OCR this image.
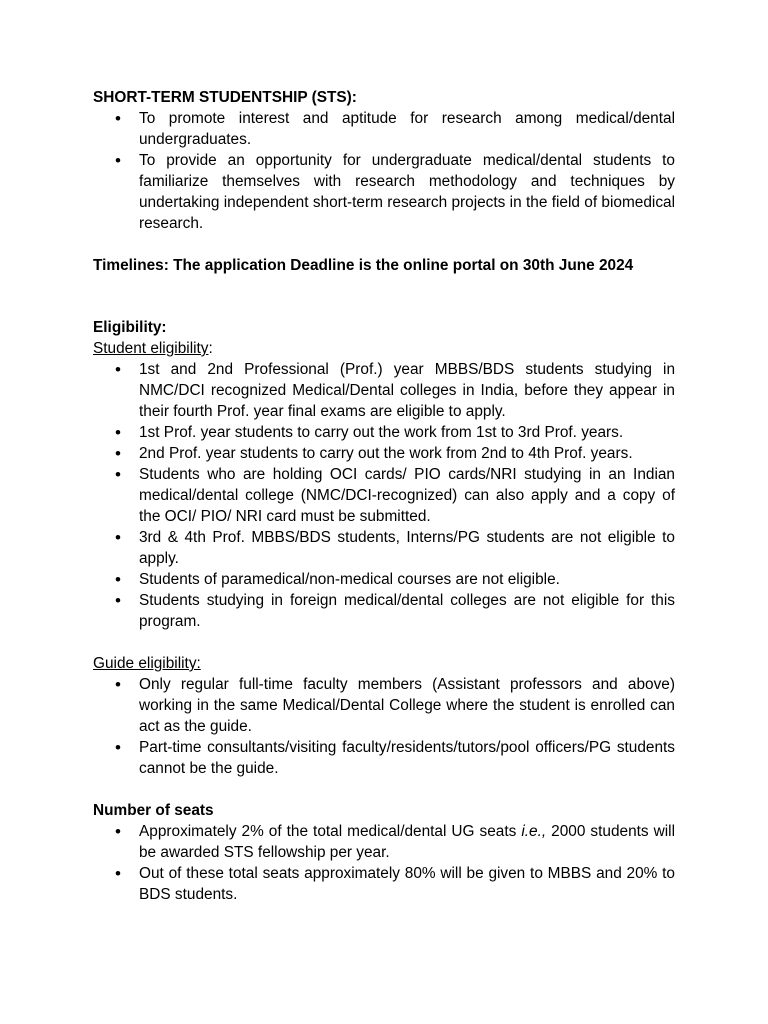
SHORT-TERM STUDENTSHIP (STS):

• To promote interest and aptitude for research among medical/dental undergraduates.
• To provide an opportunity for undergraduate medical/dental students to familiarize themselves with research methodology and techniques by undertaking independent short-term research projects in the field of biomedical research.

Timelines: The application Deadline is the online portal on 30th June 2024

Eligibility:

Student eligibility:

• 1st and 2nd Professional (Prof.) year MBBS/BDS students studying in NMC/DCI recognized Medical/Dental colleges in India, before they appear in their fourth Prof. year final exams are eligible to apply.
• 1st Prof. year students to carry out the work from 1st to 3rd Prof. years.
• 2nd Prof. year students to carry out the work from 2nd to 4th Prof. years.
• Students who are holding OCI cards/ PIO cards/NRI studying in an Indian medical/dental college (NMC/DCI-recognized) can also apply and a copy of the OCI/ PIO/ NRI card must be submitted.
• 3rd & 4th Prof. MBBS/BDS students, Interns/PG students are not eligible to apply.
• Students of paramedical/non-medical courses are not eligible.
• Students studying in foreign medical/dental colleges are not eligible for this program.

Guide eligibility:

• Only regular full-time faculty members (Assistant professors and above) working in the same Medical/Dental College where the student is enrolled can act as the guide.
• Part-time consultants/visiting faculty/residents/tutors/pool officers/PG students cannot be the guide.

Number of seats

• Approximately 2% of the total medical/dental UG seats i.e., 2000 students will be awarded STS fellowship per year.
• Out of these total seats approximately 80% will be given to MBBS and 20% to BDS students.
